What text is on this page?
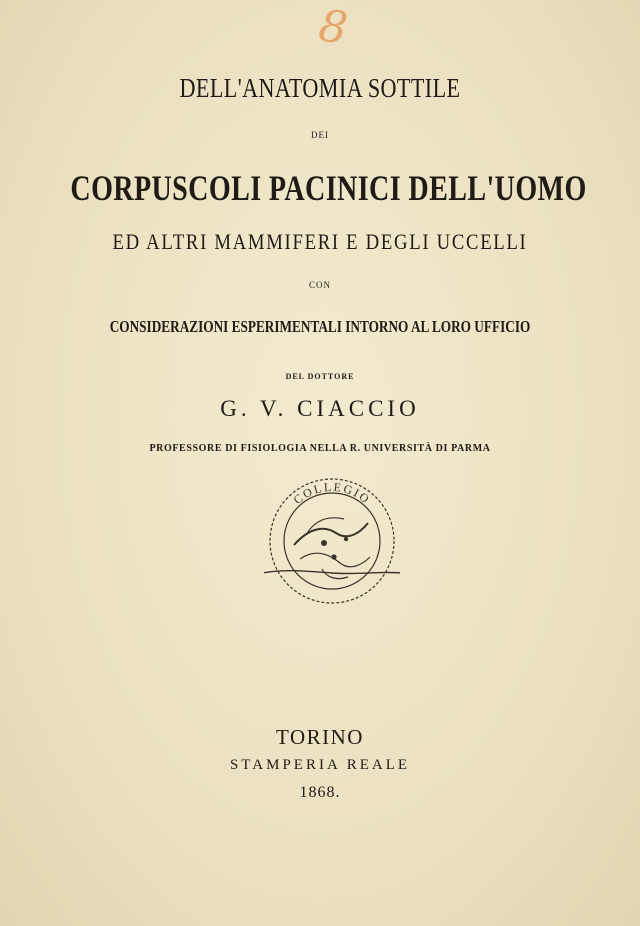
8
DELL'ANATOMIA SOTTILE
DEI
CORPUSCOLI PACINICI DELL'UOMO
ED ALTRI MAMMIFERI E DEGLI UCCELLI
CON
CONSIDERAZIONI ESPERIMENTALI INTORNO AL LORO UFFICIO
DEL DOTTORE
G. V. CIACCIO
PROFESSORE DI FISIOLOGIA NELLA R. UNIVERSITÀ DI PARMA
COLLEGIO
TORINO
STAMPERIA REALE
1868.
